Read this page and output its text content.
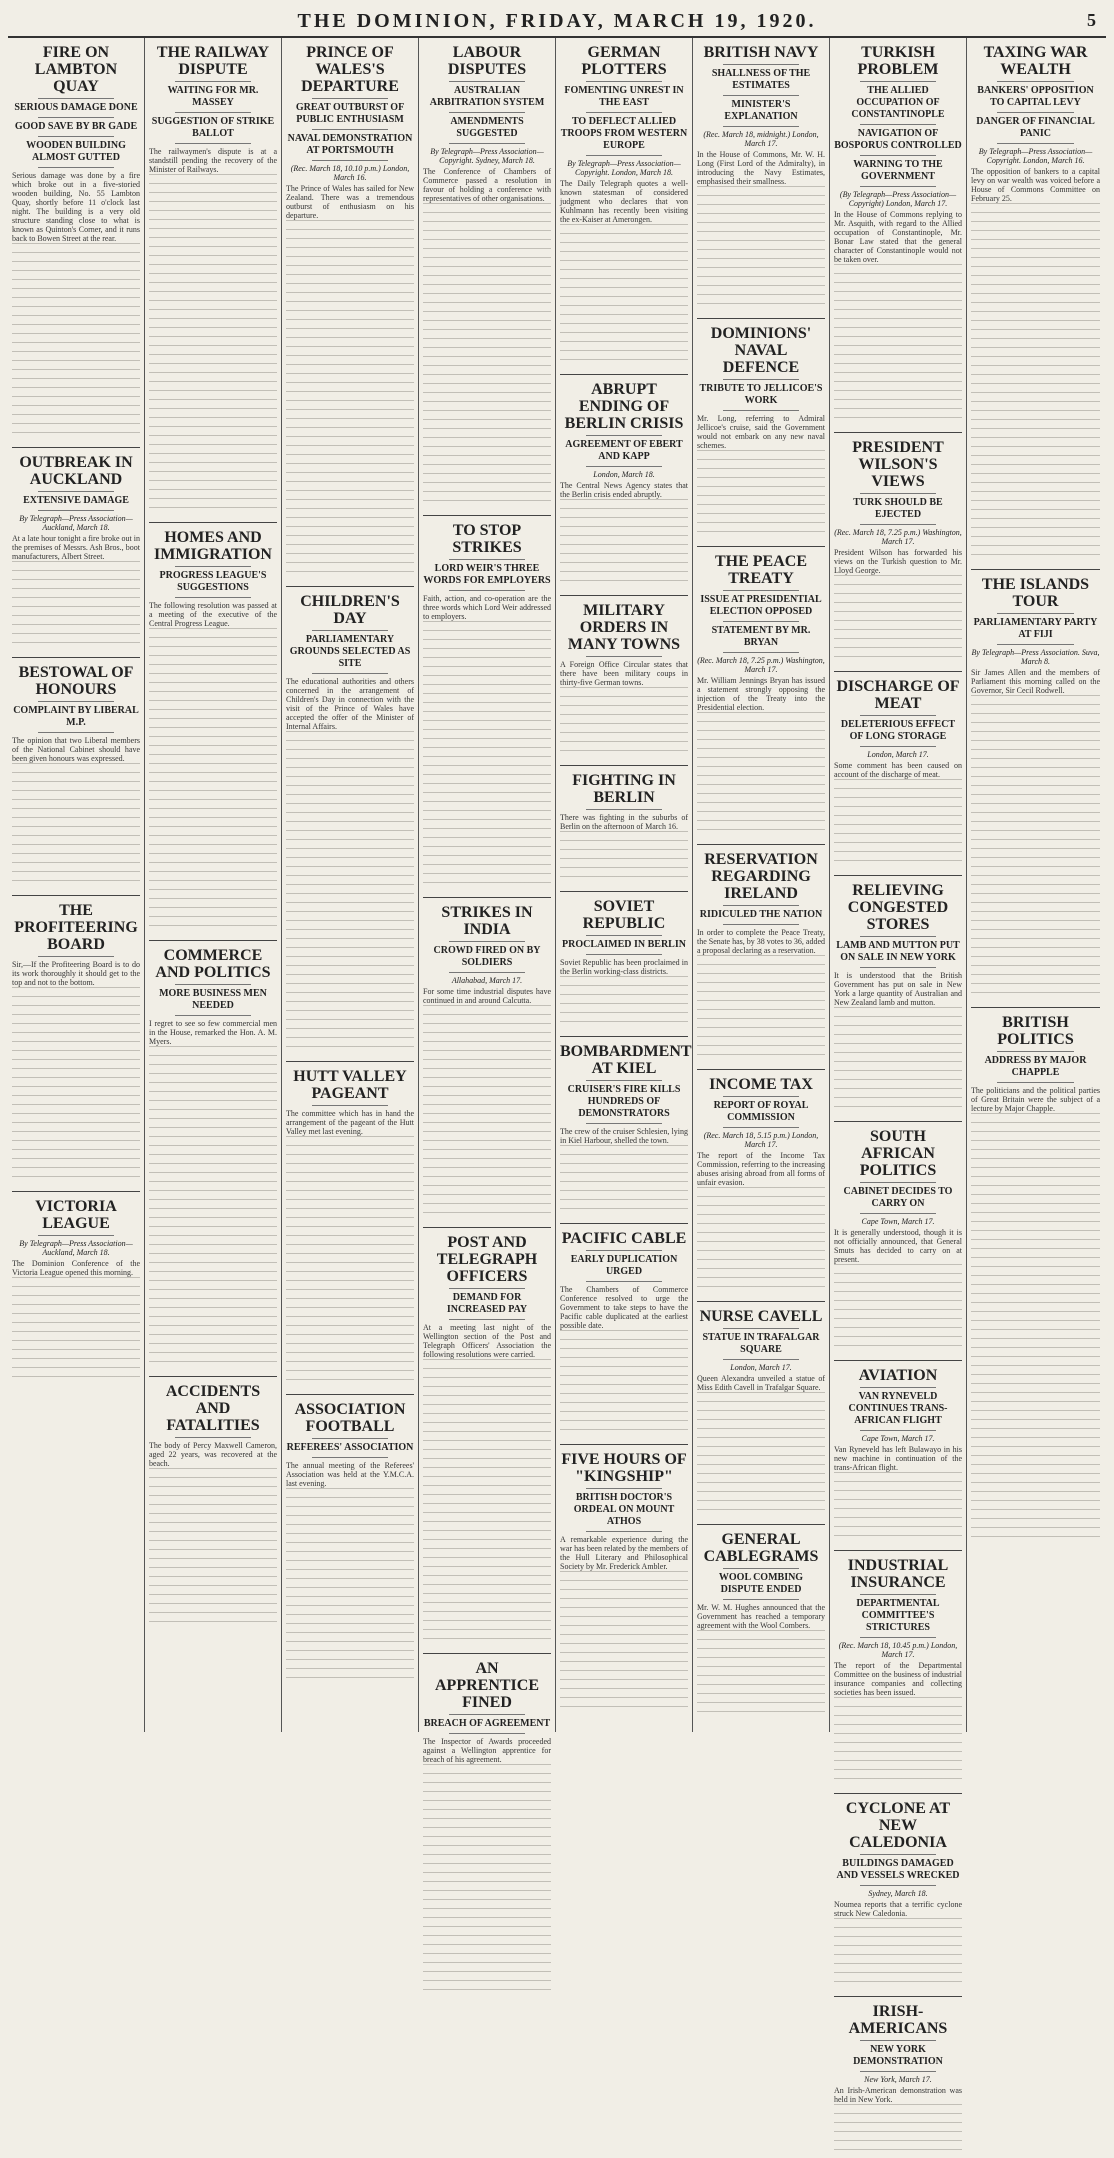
THE DOMINION, FRIDAY, MARCH 19, 1920.	5
FIRE ON LAMBTON QUAY
SERIOUS DAMAGE DONE
GOOD SAVE BY BR GADE
WOODEN BUILDING ALMOST GUTTED

Serious damage was done by a fire which broke out in a five-storied wooden building, No. 55 Lambton Quay, shortly before 11 o'clock last night. The building is a very old structure standing close to what is known as Quinton's Corner, and it runs back to Bowen Street at the rear.

OUTBREAK IN AUCKLAND
EXTENSIVE DAMAGE

By Telegraph—Press Association—Auckland, March 18.

At a late hour tonight a fire broke out in the premises of Messrs. Ash Bros., boot manufacturers, Albert Street.

BESTOWAL OF HONOURS
COMPLAINT BY LIBERAL M.P.

The opinion that two Liberal members of the National Cabinet should have been given honours was expressed.

THE PROFITEERING BOARD

Sir,—If the Profiteering Board is to do its work thoroughly it should get to the top and not to the bottom.

VICTORIA LEAGUE

By Telegraph—Press Association—Auckland, March 18.

The Dominion Conference of the Victoria League opened this morning.

THE RAILWAY DISPUTE
WAITING FOR MR. MASSEY
SUGGESTION OF STRIKE BALLOT

The railwaymen's dispute is at a standstill pending the recovery of the Minister of Railways.

HOMES AND IMMIGRATION
PROGRESS LEAGUE'S SUGGESTIONS

The following resolution was passed at a meeting of the executive of the Central Progress League.

COMMERCE AND POLITICS
MORE BUSINESS MEN NEEDED

I regret to see so few commercial men in the House, remarked the Hon. A. M. Myers.

ACCIDENTS AND FATALITIES

The body of Percy Maxwell Cameron, aged 22 years, was recovered at the beach.

PRINCE OF WALES'S DEPARTURE
GREAT OUTBURST OF PUBLIC ENTHUSIASM
NAVAL DEMONSTRATION AT PORTSMOUTH

(Rec. March 18, 10.10 p.m.) London, March 16.

The Prince of Wales has sailed for New Zealand. There was a tremendous outburst of enthusiasm on his departure.

CHILDREN'S DAY
PARLIAMENTARY GROUNDS SELECTED AS SITE

The educational authorities and others concerned in the arrangement of Children's Day in connection with the visit of the Prince of Wales have accepted the offer of the Minister of Internal Affairs.

HUTT VALLEY PAGEANT

The committee which has in hand the arrangement of the pageant of the Hutt Valley met last evening.

ASSOCIATION FOOTBALL
REFEREES' ASSOCIATION

The annual meeting of the Referees' Association was held at the Y.M.C.A. last evening.

LABOUR DISPUTES
AUSTRALIAN ARBITRATION SYSTEM
AMENDMENTS SUGGESTED

By Telegraph—Press Association—Copyright. Sydney, March 18.

The Conference of Chambers of Commerce passed a resolution in favour of holding a conference with representatives of other organisations.

TO STOP STRIKES
LORD WEIR'S THREE WORDS FOR EMPLOYERS

Faith, action, and co-operation are the three words which Lord Weir addressed to employers.

STRIKES IN INDIA
CROWD FIRED ON BY SOLDIERS

Allahabad, March 17.

For some time industrial disputes have continued in and around Calcutta.

POST AND TELEGRAPH OFFICERS
DEMAND FOR INCREASED PAY

At a meeting last night of the Wellington section of the Post and Telegraph Officers' Association the following resolutions were carried.

AN APPRENTICE FINED
BREACH OF AGREEMENT

The Inspector of Awards proceeded against a Wellington apprentice for breach of his agreement.

GERMAN PLOTTERS
FOMENTING UNREST IN THE EAST
TO DEFLECT ALLIED TROOPS FROM WESTERN EUROPE

By Telegraph—Press Association—Copyright. London, March 18.

The Daily Telegraph quotes a well-known statesman of considered judgment who declares that von Kuhlmann has recently been visiting the ex-Kaiser at Amerongen.

ABRUPT ENDING OF BERLIN CRISIS
AGREEMENT OF EBERT AND KAPP

London, March 18.

The Central News Agency states that the Berlin crisis ended abruptly.

MILITARY ORDERS IN MANY TOWNS

A Foreign Office Circular states that there have been military coups in thirty-five German towns.

FIGHTING IN BERLIN

There was fighting in the suburbs of Berlin on the afternoon of March 16.

SOVIET REPUBLIC
PROCLAIMED IN BERLIN

Soviet Republic has been proclaimed in the Berlin working-class districts.

BOMBARDMENT AT KIEL
CRUISER'S FIRE KILLS HUNDREDS OF DEMONSTRATORS

The crew of the cruiser Schlesien, lying in Kiel Harbour, shelled the town.

PACIFIC CABLE
EARLY DUPLICATION URGED

The Chambers of Commerce Conference resolved to urge the Government to take steps to have the Pacific cable duplicated at the earliest possible date.

FIVE HOURS OF "KINGSHIP"
BRITISH DOCTOR'S ORDEAL ON MOUNT ATHOS

A remarkable experience during the war has been related by the members of the Hull Literary and Philosophical Society by Mr. Frederick Ambler.

BRITISH NAVY
SHALLNESS OF THE ESTIMATES
MINISTER'S EXPLANATION

(Rec. March 18, midnight.) London, March 17.

In the House of Commons, Mr. W. H. Long (First Lord of the Admiralty), in introducing the Navy Estimates, emphasised their smallness.

DOMINIONS' NAVAL DEFENCE
TRIBUTE TO JELLICOE'S WORK

Mr. Long, referring to Admiral Jellicoe's cruise, said the Government would not embark on any new naval schemes.

THE PEACE TREATY
ISSUE AT PRESIDENTIAL ELECTION OPPOSED
STATEMENT BY MR. BRYAN

(Rec. March 18, 7.25 p.m.) Washington, March 17.

Mr. William Jennings Bryan has issued a statement strongly opposing the injection of the Treaty into the Presidential election.

RESERVATION REGARDING IRELAND
RIDICULED THE NATION

In order to complete the Peace Treaty, the Senate has, by 38 votes to 36, added a proposal declaring as a reservation.

INCOME TAX
REPORT OF ROYAL COMMISSION

(Rec. March 18, 5.15 p.m.) London, March 17.

The report of the Income Tax Commission, referring to the increasing abuses arising abroad from all forms of unfair evasion.

NURSE CAVELL
STATUE IN TRAFALGAR SQUARE

London, March 17.

Queen Alexandra unveiled a statue of Miss Edith Cavell in Trafalgar Square.

GENERAL CABLEGRAMS
WOOL COMBING DISPUTE ENDED

Mr. W. M. Hughes announced that the Government has reached a temporary agreement with the Wool Combers.

TURKISH PROBLEM
THE ALLIED OCCUPATION OF CONSTANTINOPLE
NAVIGATION OF BOSPORUS CONTROLLED
WARNING TO THE GOVERNMENT

(By Telegraph—Press Association—Copyright) London, March 17.

In the House of Commons replying to Mr. Asquith, with regard to the Allied occupation of Constantinople, Mr. Bonar Law stated that the general character of Constantinople would not be taken over.

PRESIDENT WILSON'S VIEWS
TURK SHOULD BE EJECTED

(Rec. March 18, 7.25 p.m.) Washington, March 17.

President Wilson has forwarded his views on the Turkish question to Mr. Lloyd George.

DISCHARGE OF MEAT
DELETERIOUS EFFECT OF LONG STORAGE

London, March 17.

Some comment has been caused on account of the discharge of meat.

RELIEVING CONGESTED STORES
LAMB AND MUTTON PUT ON SALE IN NEW YORK

It is understood that the British Government has put on sale in New York a large quantity of Australian and New Zealand lamb and mutton.

SOUTH AFRICAN POLITICS
CABINET DECIDES TO CARRY ON

Cape Town, March 17.

It is generally understood, though it is not officially announced, that General Smuts has decided to carry on at present.

AVIATION
VAN RYNEVELD CONTINUES TRANS-AFRICAN FLIGHT

Cape Town, March 17.

Van Ryneveld has left Bulawayo in his new machine in continuation of the trans-African flight.

INDUSTRIAL INSURANCE
DEPARTMENTAL COMMITTEE'S STRICTURES

(Rec. March 18, 10.45 p.m.) London, March 17.

The report of the Departmental Committee on the business of industrial insurance companies and collecting societies has been issued.

CYCLONE AT NEW CALEDONIA
BUILDINGS DAMAGED AND VESSELS WRECKED

Sydney, March 18.

Noumea reports that a terrific cyclone struck New Caledonia.

IRISH-AMERICANS
NEW YORK DEMONSTRATION

New York, March 17.

An Irish-American demonstration was held in New York.

TAXING WAR WEALTH
BANKERS' OPPOSITION TO CAPITAL LEVY
DANGER OF FINANCIAL PANIC

By Telegraph—Press Association—Copyright. London, March 16.

The opposition of bankers to a capital levy on war wealth was voiced before a House of Commons Committee on February 25.

THE ISLANDS TOUR
PARLIAMENTARY PARTY AT FIJI

By Telegraph—Press Association. Suva, March 8.

Sir James Allen and the members of Parliament this morning called on the Governor, Sir Cecil Rodwell.

BRITISH POLITICS
ADDRESS BY MAJOR CHAPPLE

The politicians and the political parties of Great Britain were the subject of a lecture by Major Chapple.
